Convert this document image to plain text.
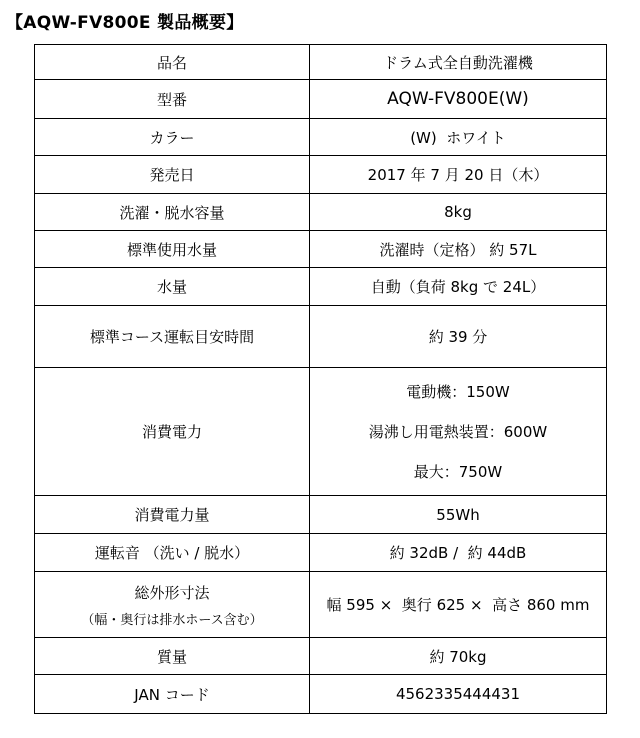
【AQW-FV800E 製品概要】
品名	ドラム式全自動洗濯機
型番	AQW-FV800E(W)
カラー	(W)  ホワイト
発売日	2017 年 7 月 20 日（木）
洗濯・脱水容量	8kg
標準使用水量	洗濯時（定格） 約 57L
水量	自動（負荷 8kg で 24L）
標準コース運転目安時間	約 39 分
消費電力	電動機：150W
湯沸し用電熱装置：600W
最大：750W

消費電力量	55Wh
運転音 （洗い / 脱水）	約 32dB /  約 44dB
総外形寸法
（幅・奥行は排水ホース含む）	幅 595 ×  奥行 625 ×  高さ 860 mm
質量	約 70kg
JAN コード	4562335444431
